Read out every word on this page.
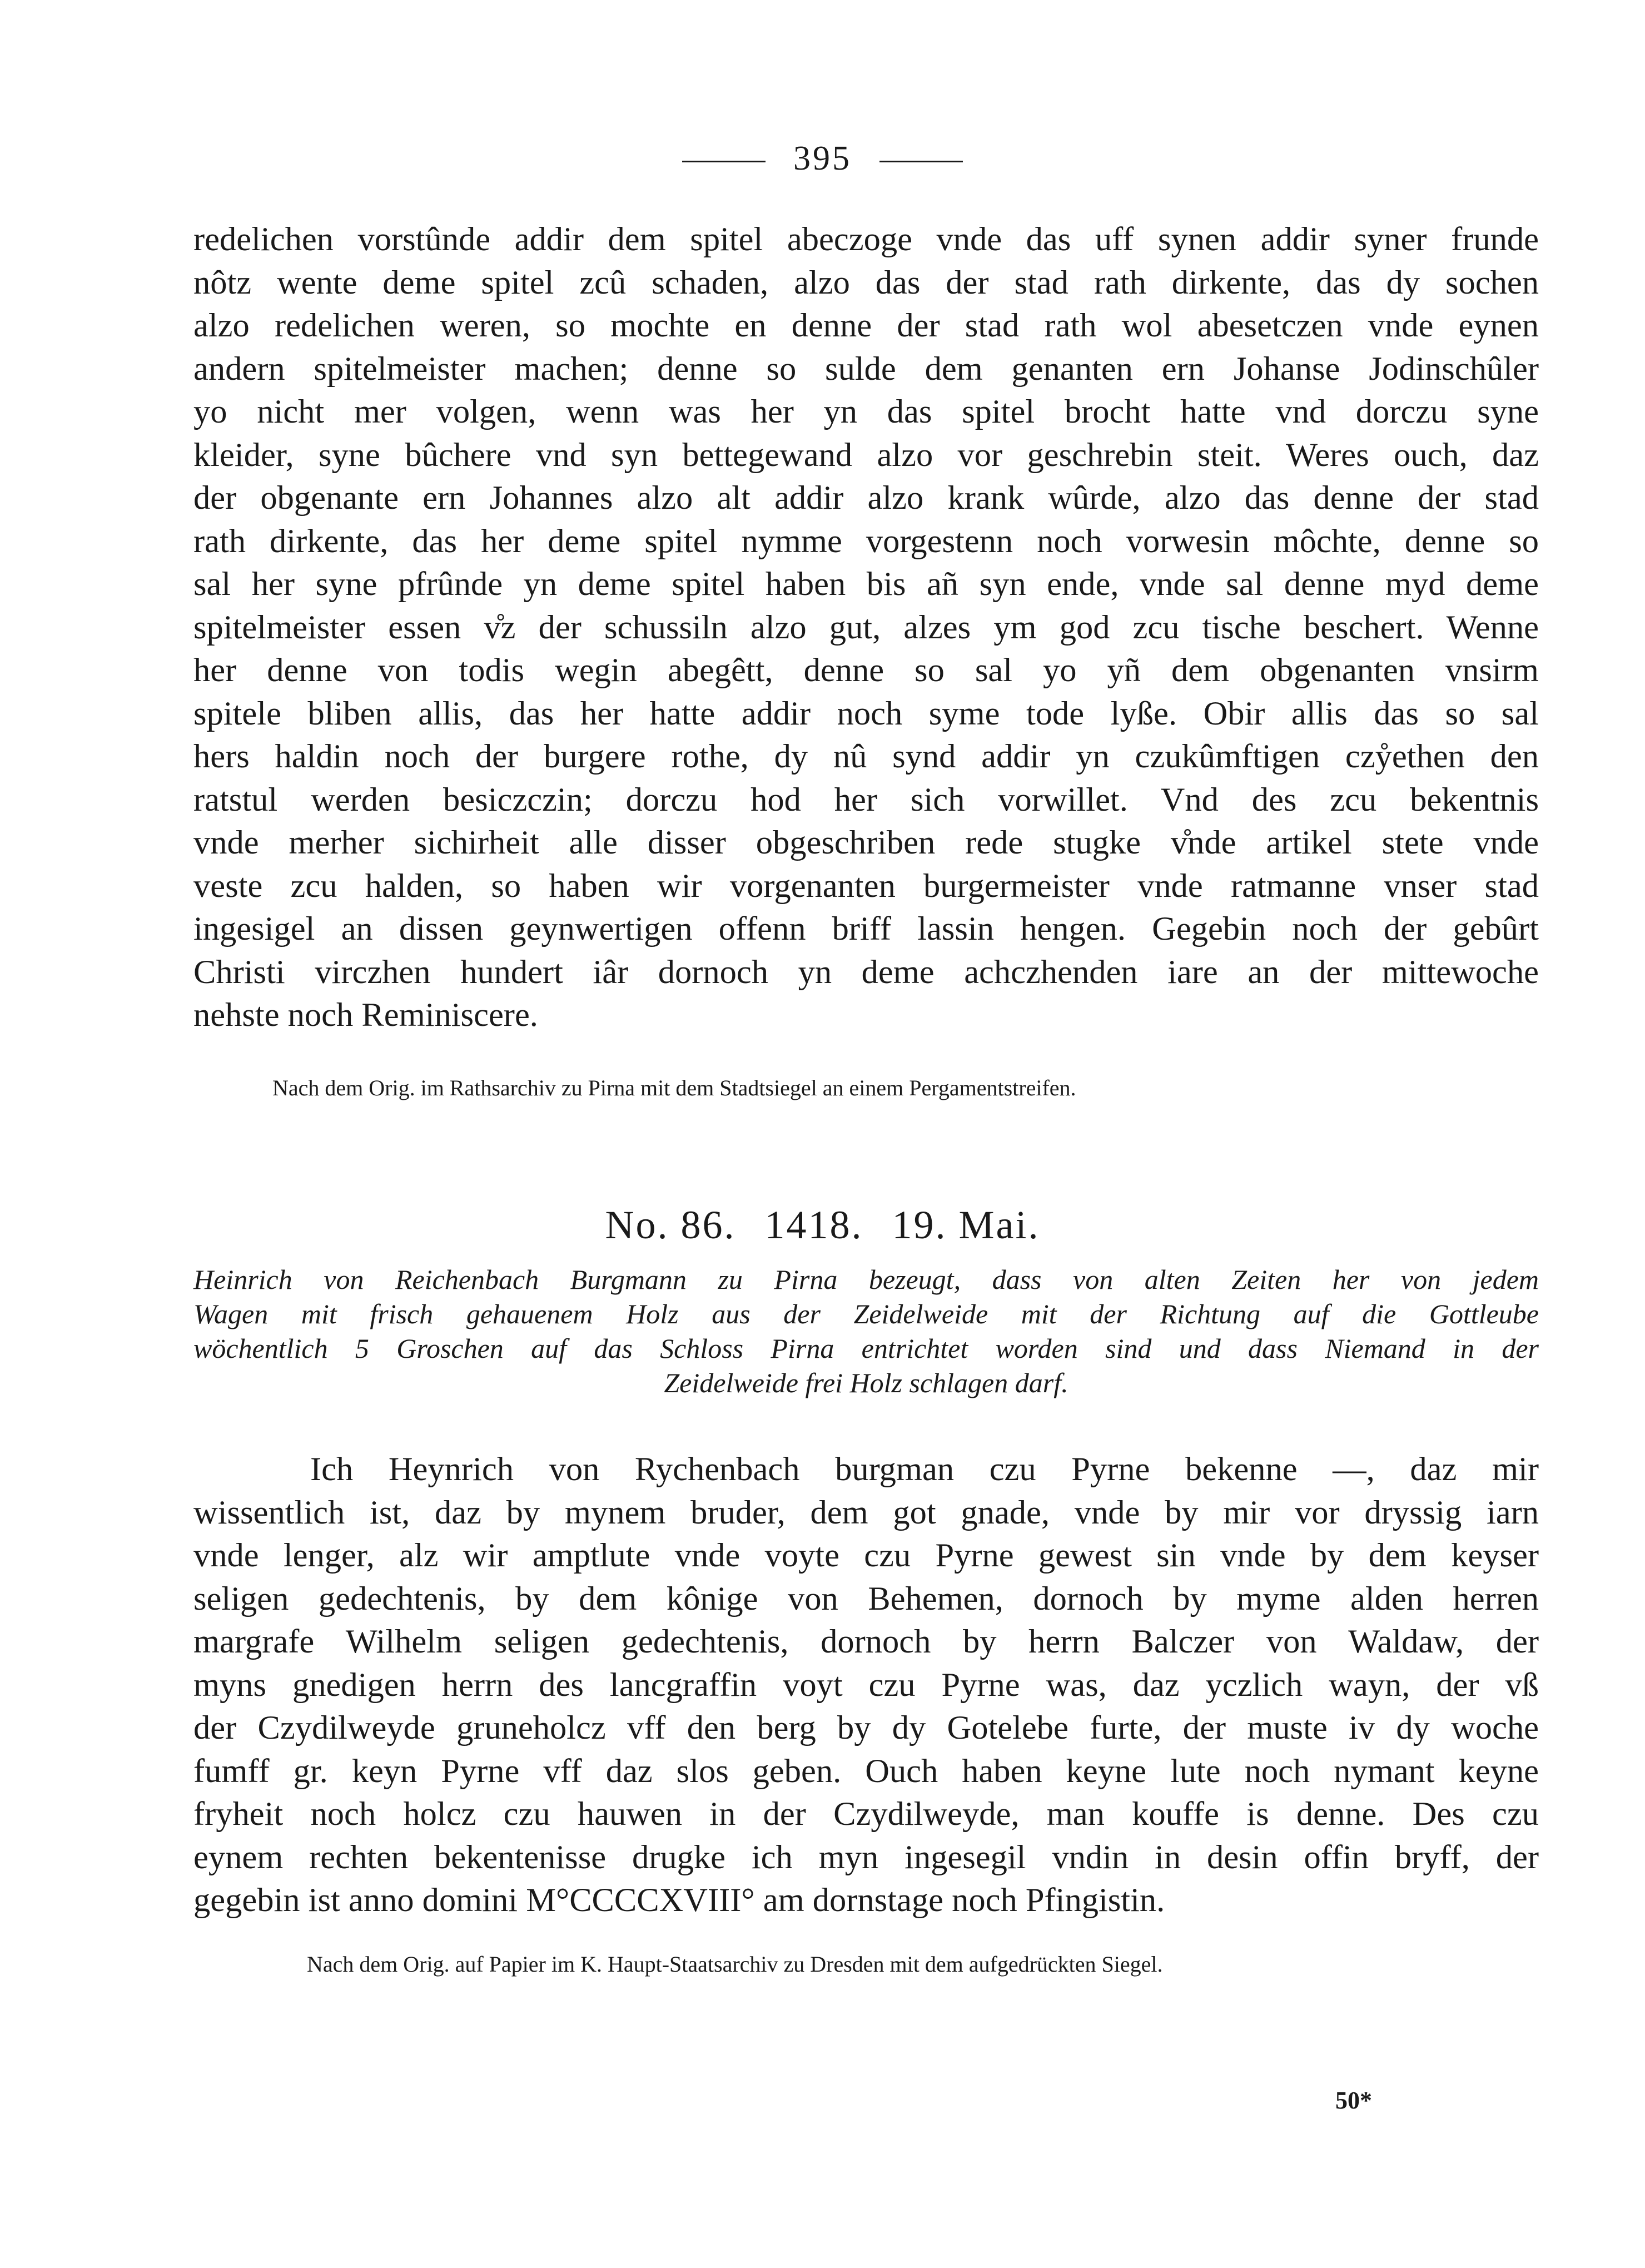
395
redelichen vorstûnde addir dem spitel abeczoge vnde das uff synen addir syner frunde
nôtz wente deme spitel zcû schaden, alzo das der stad rath dirkente, das dy sochen
alzo redelichen weren, so mochte en denne der stad rath wol abesetczen vnde eynen
andern spitelmeister machen; denne so sulde dem genanten ern Johanse Jodinschûler
yo nicht mer volgen, wenn was her yn das spitel brocht hatte vnd dorczu syne
kleider, syne bûchere vnd syn bettegewand alzo vor geschrebin steit. Weres ouch, daz
der obgenante ern Johannes alzo alt addir alzo krank wûrde, alzo das denne der stad
rath dirkente, das her deme spitel nymme vorgestenn noch vorwesin môchte, denne so
sal her syne pfrûnde yn deme spitel haben bis añ syn ende, vnde sal denne myd deme
spitelmeister essen v̊z der schussiln alzo gut, alzes ym god zcu tische beschert. Wenne
her denne von todis wegin abegêtt, denne so sal yo yñ dem obgenanten vnsirm
spitele bliben allis, das her hatte addir noch syme tode lyße. Obir allis das so sal
hers haldin noch der burgere rothe, dy nû synd addir yn czukûmftigen czẙethen den
ratstul werden besiczczin; dorczu hod her sich vorwillet. Vnd des zcu bekentnis
vnde merher sichirheit alle disser obgeschriben rede stugke v̊nde artikel stete vnde
veste zcu halden, so haben wir vorgenanten burgermeister vnde ratmanne vnser stad
ingesigel an dissen geynwertigen offenn briff lassin hengen. Gegebin noch der gebûrt
Christi virczhen hundert iâr dornoch yn deme achczhenden iare an der mittewoche
nehste noch Reminiscere.
Nach dem Orig. im Rathsarchiv zu Pirna mit dem Stadtsiegel an einem Pergamentstreifen.
No. 86. 1418. 19. Mai.
Heinrich von Reichenbach Burgmann zu Pirna bezeugt, dass von alten Zeiten her von jedem
Wagen mit frisch gehauenem Holz aus der Zeidelweide mit der Richtung auf die Gottleube
wöchentlich 5 Groschen auf das Schloss Pirna entrichtet worden sind und dass Niemand in der
Zeidelweide frei Holz schlagen darf.
Ich Heynrich von Rychenbach burgman czu Pyrne bekenne —, daz mir
wissentlich ist, daz by mynem bruder, dem got gnade, vnde by mir vor dryssig iarn
vnde lenger, alz wir amptlute vnde voyte czu Pyrne gewest sin vnde by dem keyser
seligen gedechtenis, by dem kônige von Behemen, dornoch by myme alden herren
margrafe Wilhelm seligen gedechtenis, dornoch by herrn Balczer von Waldaw, der
myns gnedigen herrn des lancgraffin voyt czu Pyrne was, daz yczlich wayn, der vß
der Czydilweyde gruneholcz vff den berg by dy Gotelebe furte, der muste iv dy woche
fumff gr. keyn Pyrne vff daz slos geben. Ouch haben keyne lute noch nymant keyne
fryheit noch holcz czu hauwen in der Czydilweyde, man kouffe is denne. Des czu
eynem rechten bekentenisse drugke ich myn ingesegil vndin in desin offin bryff, der
gegebin ist anno domini M°CCCCXVIII° am dornstage noch Pfingistin.
Nach dem Orig. auf Papier im K. Haupt-Staatsarchiv zu Dresden mit dem aufgedrückten Siegel.
50*
